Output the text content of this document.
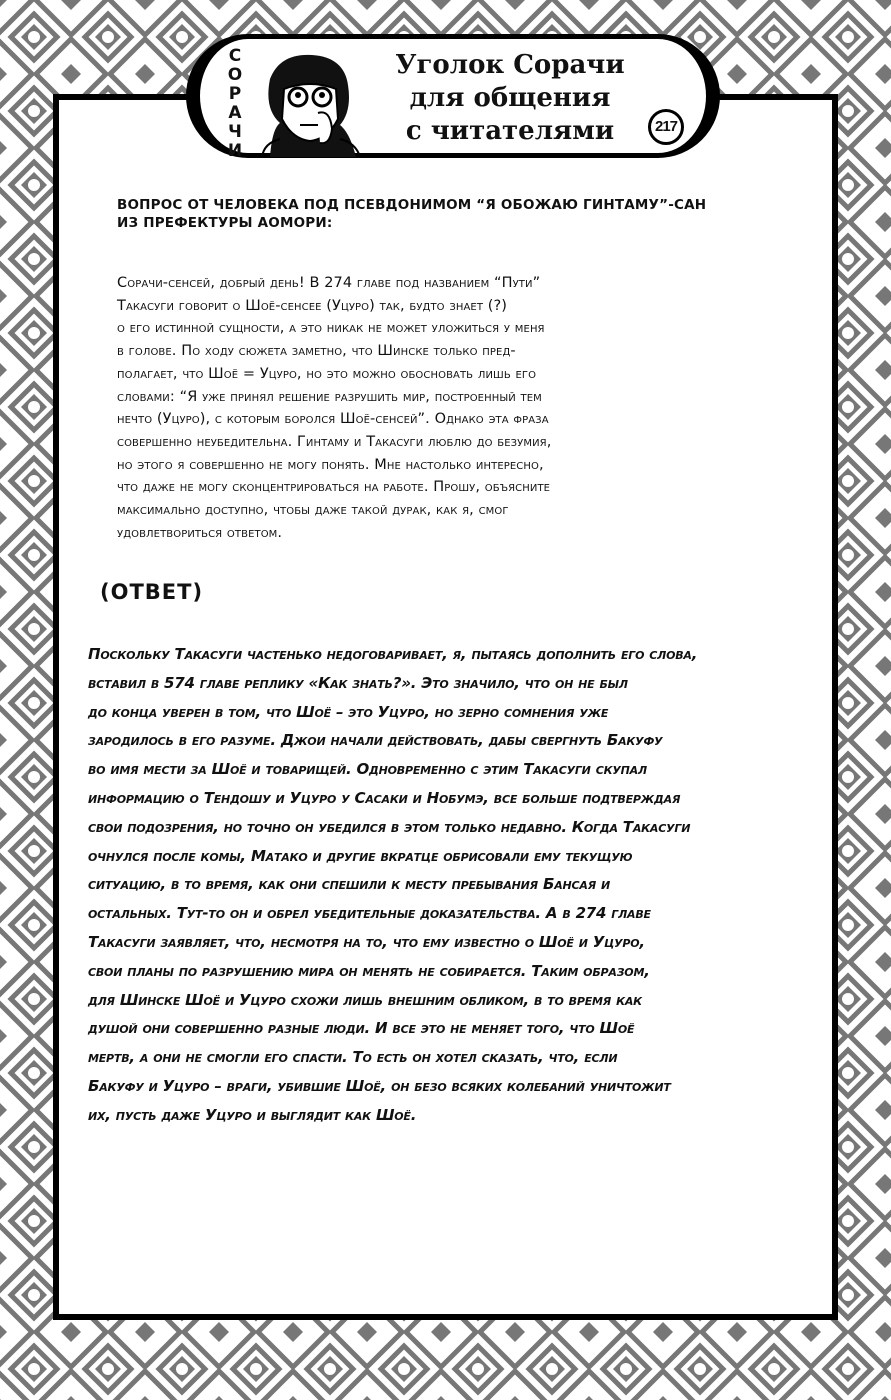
С
О
Р
А
Ч
И
Уголок Сорачи
для общения
с читателями	217
ВОПРОС ОТ ЧЕЛОВЕКА ПОД ПСЕВДОНИМОМ “Я ОБОЖАЮ ГИНТАМУ”-САН
ИЗ ПРЕФЕКТУРЫ АОМОРИ:
Сорачи-сенсей, добрый день! В 274 главе под названием “Пути”
Такасуги говорит о Шоё-сенсее (Уцуро) так, будто знает (?)
о его истинной сущности, а это никак не может уложиться у меня
в голове. По ходу сюжета заметно, что Шинске только пред-
полагает, что Шоё = Уцуро, но это можно обосновать лишь его
словами: “Я уже принял решение разрушить мир, построенный тем
нечто (Уцуро), с которым боролся Шоё-сенсей”. Однако эта фраза
совершенно неубедительна. Гинтаму и Такасуги люблю до безумия,
но этого я совершенно не могу понять. Мне настолько интересно,
что даже не могу сконцентрироваться на работе. Прошу, объясните
максимально доступно, чтобы даже такой дурак, как я, смог
удовлетвориться ответом.
(ОТВЕТ)
Поскольку Такасуги частенько недоговаривает, я, пытаясь дополнить его слова,
вставил в 574 главе реплику «Как знать?». Это значило, что он не был
до конца уверен в том, что Шоё – это Уцуро, но зерно сомнения уже
зародилось в его разуме. Джои начали действовать, дабы свергнуть Бакуфу
во имя мести за Шоё и товарищей. Одновременно с этим Такасуги скупал
информацию о Тендошу и Уцуро у Сасаки и Нобумэ, все больше подтверждая
свои подозрения, но точно он убедился в этом только недавно. Когда Такасуги
очнулся после комы, Матако и другие вкратце обрисовали ему текущую
ситуацию, в то время, как они спешили к месту пребывания Бансая и
остальных. Тут-то он и обрел убедительные доказательства. А в 274 главе
Такасуги заявляет, что, несмотря на то, что ему известно о Шоё и Уцуро,
свои планы по разрушению мира он менять не собирается. Таким образом,
для Шинске Шоё и Уцуро схожи лишь внешним обликом, в то время как
душой они совершенно разные люди. И все это не меняет того, что Шоё
мертв, а они не смогли его спасти. То есть он хотел сказать, что, если
Бакуфу и Уцуро – враги, убившие Шоё, он безо всяких колебаний уничтожит
их, пусть даже Уцуро и выглядит как Шоё.
